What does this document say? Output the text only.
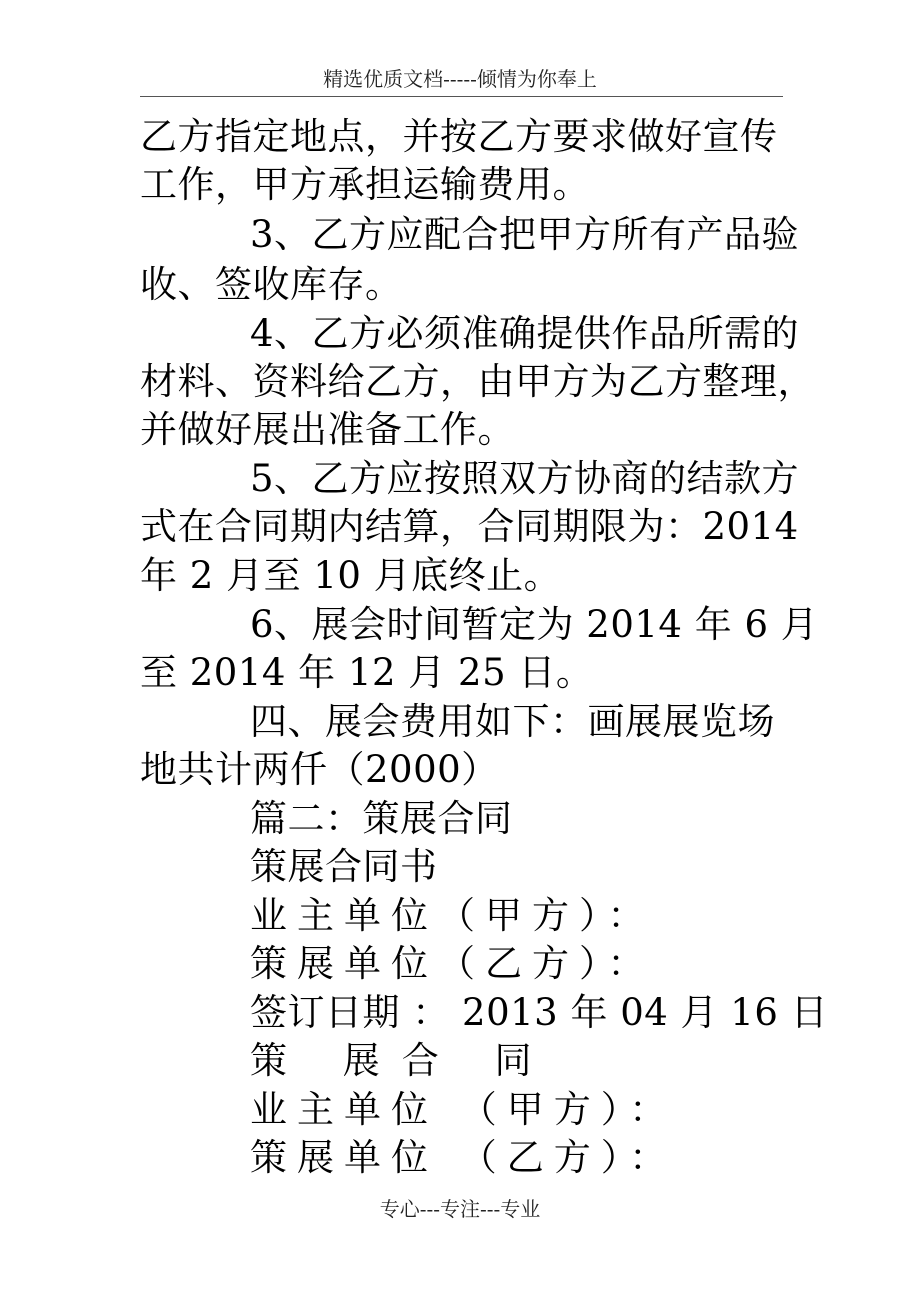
精选优质文档-----倾情为你奉上
乙方指定地点，并按乙方要求做好宣传
工作，甲方承担运输费用。
3、乙方应配合把甲方所有产品验
收、签收库存。
4、乙方必须准确提供作品所需的
材料、资料给乙方，由甲方为乙方整理，
并做好展出准备工作。
5、乙方应按照双方协商的结款方
式在合同期内结算，合同期限为：2014
年 2 月至 10 月底终止。
6、展会时间暂定为 2014 年 6 月
至 2014 年 12 月 25 日。
四、展会费用如下：画展展览场
地共计两仟（2000）
篇二：策展合同
策展合同书
业主单位（甲方）：
策展单位（乙方）：
签订日期 ： 2013 年 04 月 16 日
策 展合 同
业主单位 （甲方）：
策展单位 （乙方）：
专心---专注---专业
